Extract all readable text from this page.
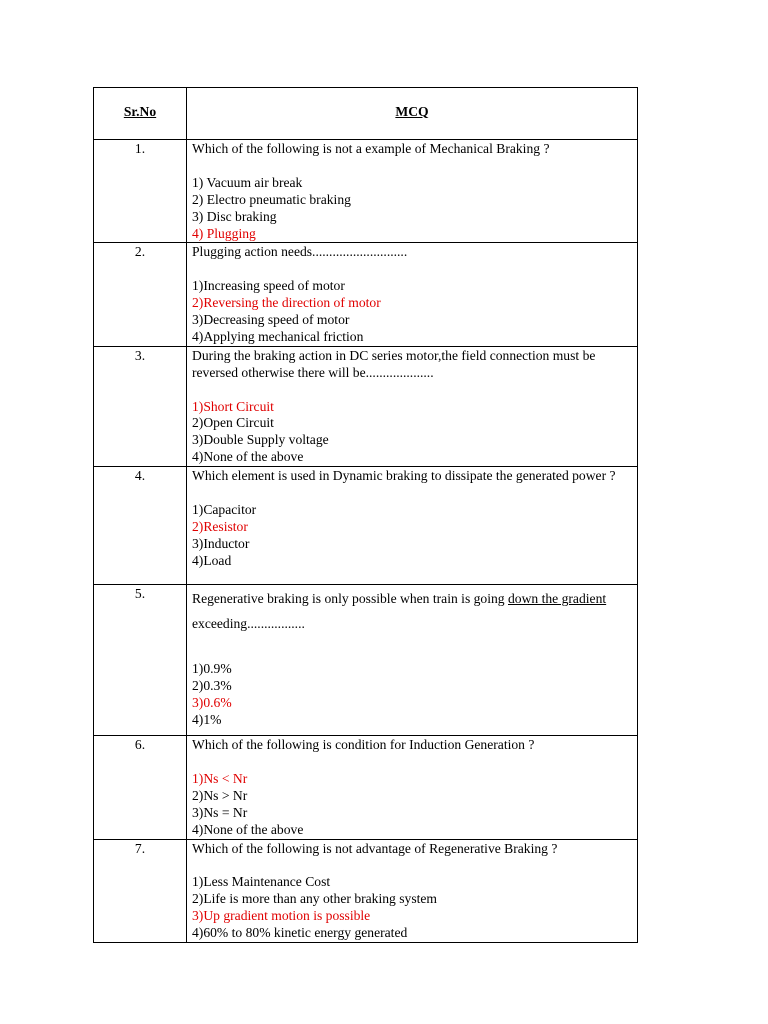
Sr.No	MCQ

1.	Which of the following is not a example of Mechanical Braking ?
1) Vacuum air break
2) Electro pneumatic braking
3) Disc braking
4) Plugging

2.	Plugging action needs............................
1)Increasing speed of motor
2)Reversing the direction of motor
3)Decreasing speed of motor
4)Applying mechanical friction

3.	During the braking action in DC series motor,the field connection must be reversed otherwise there will be....................
1)Short Circuit
2)Open Circuit
3)Double Supply voltage
4)None of the above

4.	Which element is used in Dynamic braking to dissipate the generated power ?
1)Capacitor
2)Resistor
3)Inductor
4)Load

5.	Regenerative braking is only possible when train is going down the gradient exceeding.................
1)0.9%
2)0.3%
3)0.6%
4)1%

6.	Which of the following is condition for Induction Generation ?
1)Ns < Nr
2)Ns > Nr
3)Ns = Nr
4)None of the above

7.	Which of the following is not advantage of Regenerative Braking ?
1)Less Maintenance Cost
2)Life is more than any other braking system
3)Up gradient motion is possible
4)60% to 80% kinetic energy generated
